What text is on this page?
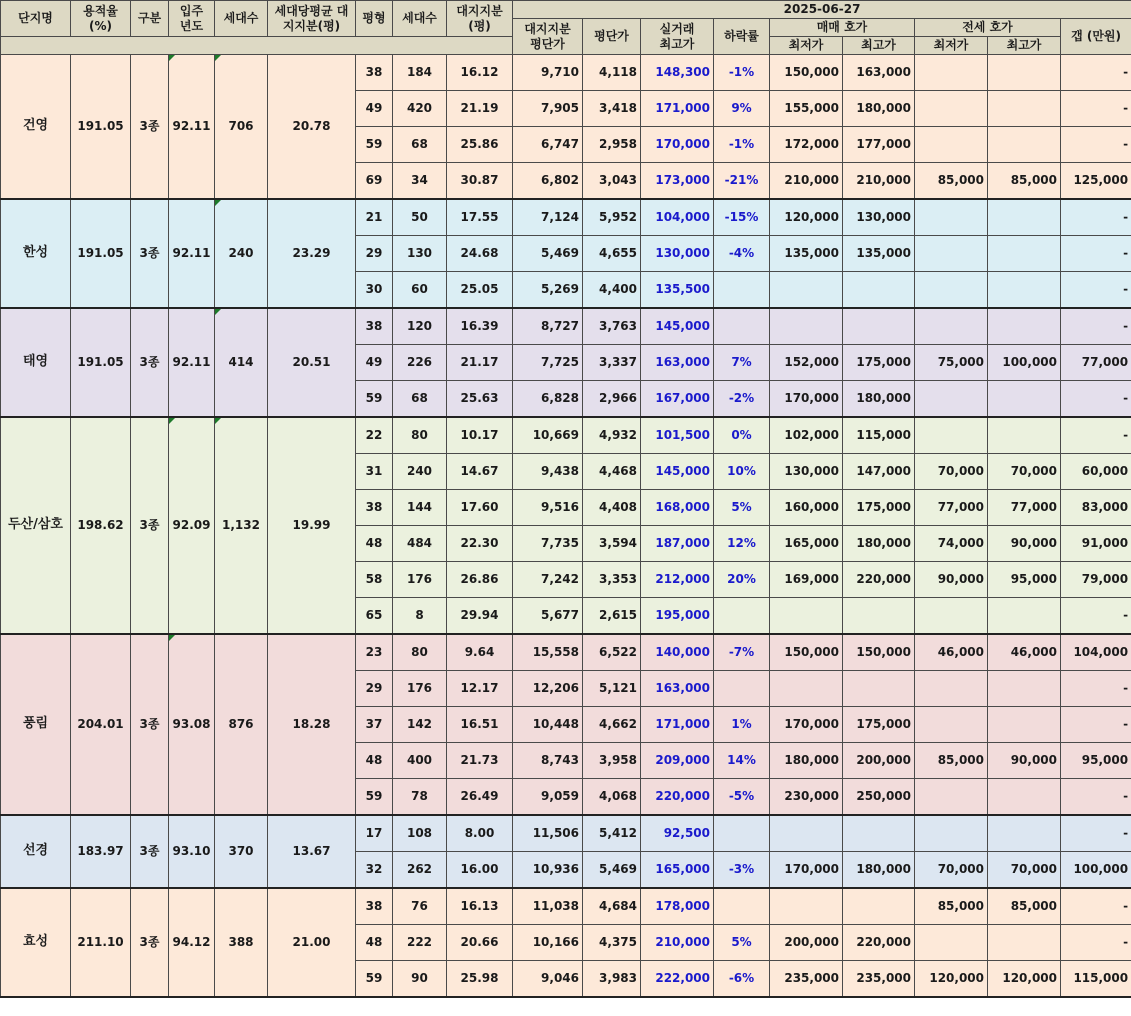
단지명	용적율 (%)	구분	입주 년도	세대수	세대당평균 대지지분(평)	평형	세대수	대지지분 (평)	2025-06-27								
									대지지분 평단가	평단가	실거래 최고가	하락률	매매 호가		전세 호가		갭 (만원)
													최저가	최고가	최저가	최고가	
건영	191.05	3종	92.11	706	20.78	38	184	16.12	9,710	4,118	148,300	-1%	150,000	163,000			-
						49	420	21.19	7,905	3,418	171,000	9%	155,000	180,000			-
						59	68	25.86	6,747	2,958	170,000	-1%	172,000	177,000			-
						69	34	30.87	6,802	3,043	173,000	-21%	210,000	210,000	85,000	85,000	125,000
한성	191.05	3종	92.11	240	23.29	21	50	17.55	7,124	5,952	104,000	-15%	120,000	130,000			-
						29	130	24.68	5,469	4,655	130,000	-4%	135,000	135,000			-
						30	60	25.05	5,269	4,400	135,500						-
태영	191.05	3종	92.11	414	20.51	38	120	16.39	8,727	3,763	145,000						-
						49	226	21.17	7,725	3,337	163,000	7%	152,000	175,000	75,000	100,000	77,000
						59	68	25.63	6,828	2,966	167,000	-2%	170,000	180,000			-
두산/삼호	198.62	3종	92.09	1,132	19.99	22	80	10.17	10,669	4,932	101,500	0%	102,000	115,000			-
						31	240	14.67	9,438	4,468	145,000	10%	130,000	147,000	70,000	70,000	60,000
						38	144	17.60	9,516	4,408	168,000	5%	160,000	175,000	77,000	77,000	83,000
						48	484	22.30	7,735	3,594	187,000	12%	165,000	180,000	74,000	90,000	91,000
						58	176	26.86	7,242	3,353	212,000	20%	169,000	220,000	90,000	95,000	79,000
						65	8	29.94	5,677	2,615	195,000						-
풍림	204.01	3종	93.08	876	18.28	23	80	9.64	15,558	6,522	140,000	-7%	150,000	150,000	46,000	46,000	104,000
						29	176	12.17	12,206	5,121	163,000						-
						37	142	16.51	10,448	4,662	171,000	1%	170,000	175,000			-
						48	400	21.73	8,743	3,958	209,000	14%	180,000	200,000	85,000	90,000	95,000
						59	78	26.49	9,059	4,068	220,000	-5%	230,000	250,000			-
선경	183.97	3종	93.10	370	13.67	17	108	8.00	11,506	5,412	92,500						-
						32	262	16.00	10,936	5,469	165,000	-3%	170,000	180,000	70,000	70,000	100,000
효성	211.10	3종	94.12	388	21.00	38	76	16.13	11,038	4,684	178,000				85,000	85,000	-
						48	222	20.66	10,166	4,375	210,000	5%	200,000	220,000			-
						59	90	25.98	9,046	3,983	222,000	-6%	235,000	235,000	120,000	120,000	115,000
